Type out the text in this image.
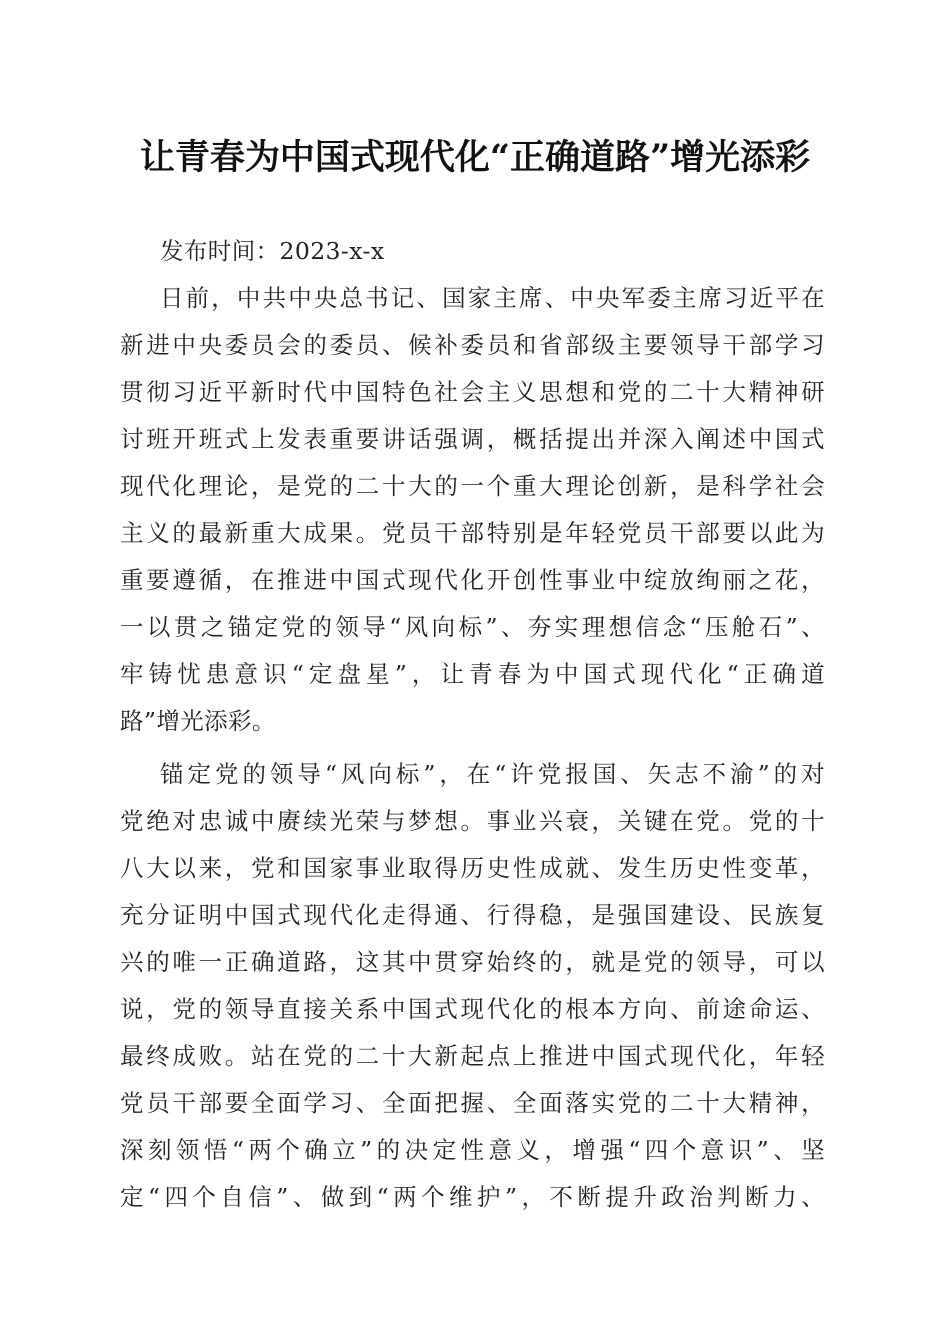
让青春为中国式现代化“正确道路”增光添彩
发布时间：2023-x-x
日前，中共中央总书记、国家主席、中央军委主席习近平在
新进中央委员会的委员、候补委员和省部级主要领导干部学习
贯彻习近平新时代中国特色社会主义思想和党的二十大精神研
讨班开班式上发表重要讲话强调，概括提出并深入阐述中国式
现代化理论，是党的二十大的一个重大理论创新，是科学社会
主义的最新重大成果。党员干部特别是年轻党员干部要以此为
重要遵循，在推进中国式现代化开创性事业中绽放绚丽之花，
一以贯之锚定党的领导“风向标”、夯实理想信念“压舱石”、
牢铸忧患意识“定盘星”，让青春为中国式现代化“正确道
路”增光添彩。
锚定党的领导“风向标”，在“许党报国、矢志不渝”的对
党绝对忠诚中赓续光荣与梦想。事业兴衰，关键在党。党的十
八大以来，党和国家事业取得历史性成就、发生历史性变革，
充分证明中国式现代化走得通、行得稳，是强国建设、民族复
兴的唯一正确道路，这其中贯穿始终的，就是党的领导，可以
说，党的领导直接关系中国式现代化的根本方向、前途命运、
最终成败。站在党的二十大新起点上推进中国式现代化，年轻
党员干部要全面学习、全面把握、全面落实党的二十大精神，
深刻领悟“两个确立”的决定性意义，增强“四个意识”、坚
定“四个自信”、做到“两个维护”，不断提升政治判断力、
